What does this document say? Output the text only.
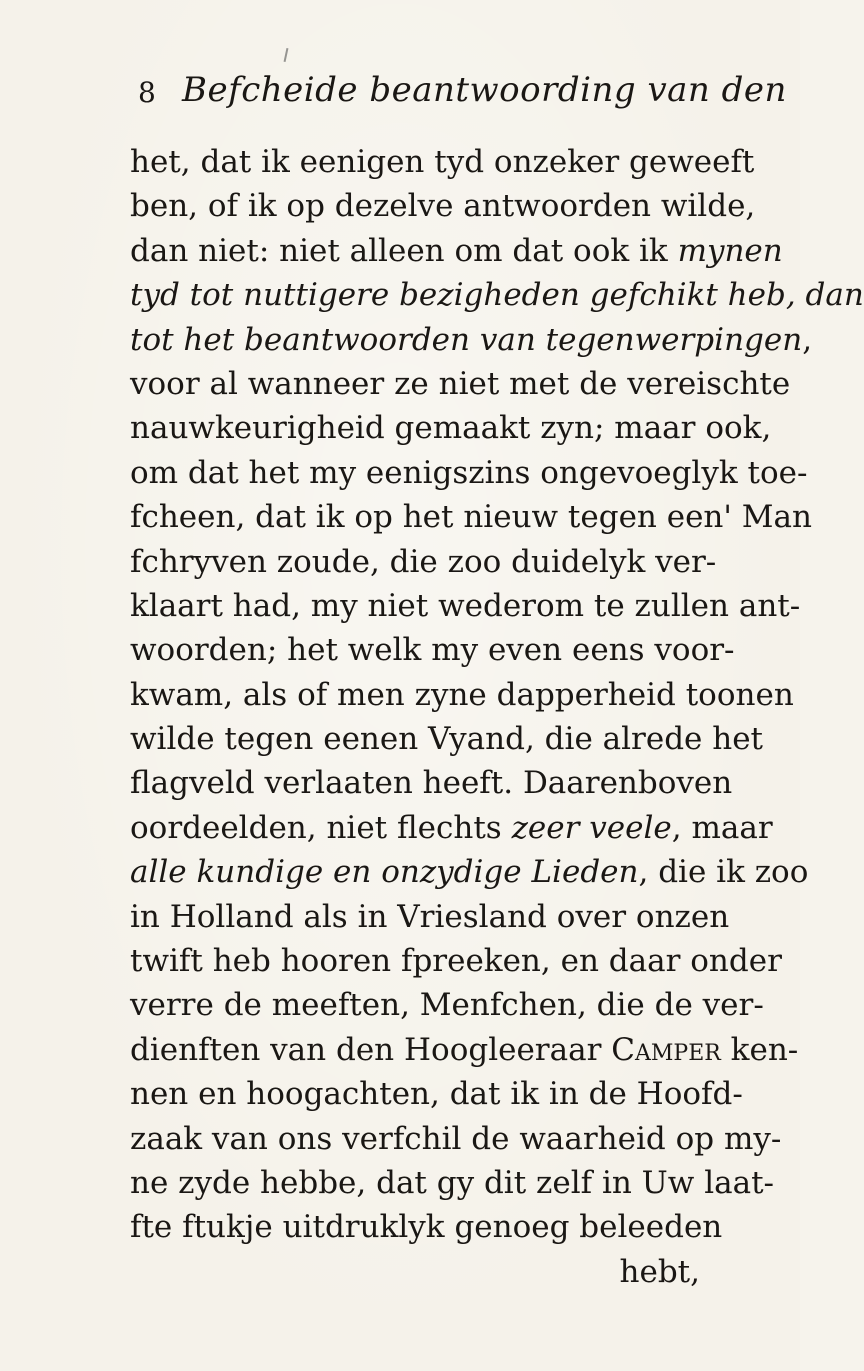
8 Befcheide beantwoording van den
het, dat ik eenigen tyd onzeker geweeft
ben, of ik op dezelve antwoorden wilde,
dan niet: niet alleen om dat ook ik mynen
tyd tot nuttigere bezigheden gefchikt heb, dan
tot het beantwoorden van tegenwerpingen,
voor al wanneer ze niet met de vereischte
nauwkeurigheid gemaakt zyn; maar ook,
om dat het my eenigszins ongevoeglyk toe-
fcheen, dat ik op het nieuw tegen een' Man
fchryven zoude, die zoo duidelyk ver-
klaart had, my niet wederom te zullen ant-
woorden; het welk my even eens voor-
kwam, als of men zyne dapperheid toonen
wilde tegen eenen Vyand, die alrede het
flagveld verlaaten heeft. Daarenboven
oordeelden, niet flechts zeer veele, maar
alle kundige en onzydige Lieden, die ik zoo
in Holland als in Vriesland over onzen
twift heb hooren fpreeken, en daar onder
verre de meeften, Menfchen, die de ver-
dienften van den Hoogleeraar Camper ken-
nen en hoogachten, dat ik in de Hoofd-
zaak van ons verfchil de waarheid op my-
ne zyde hebbe, dat gy dit zelf in Uw laat-
fte ftukje uitdruklyk genoeg beleeden
hebt,
